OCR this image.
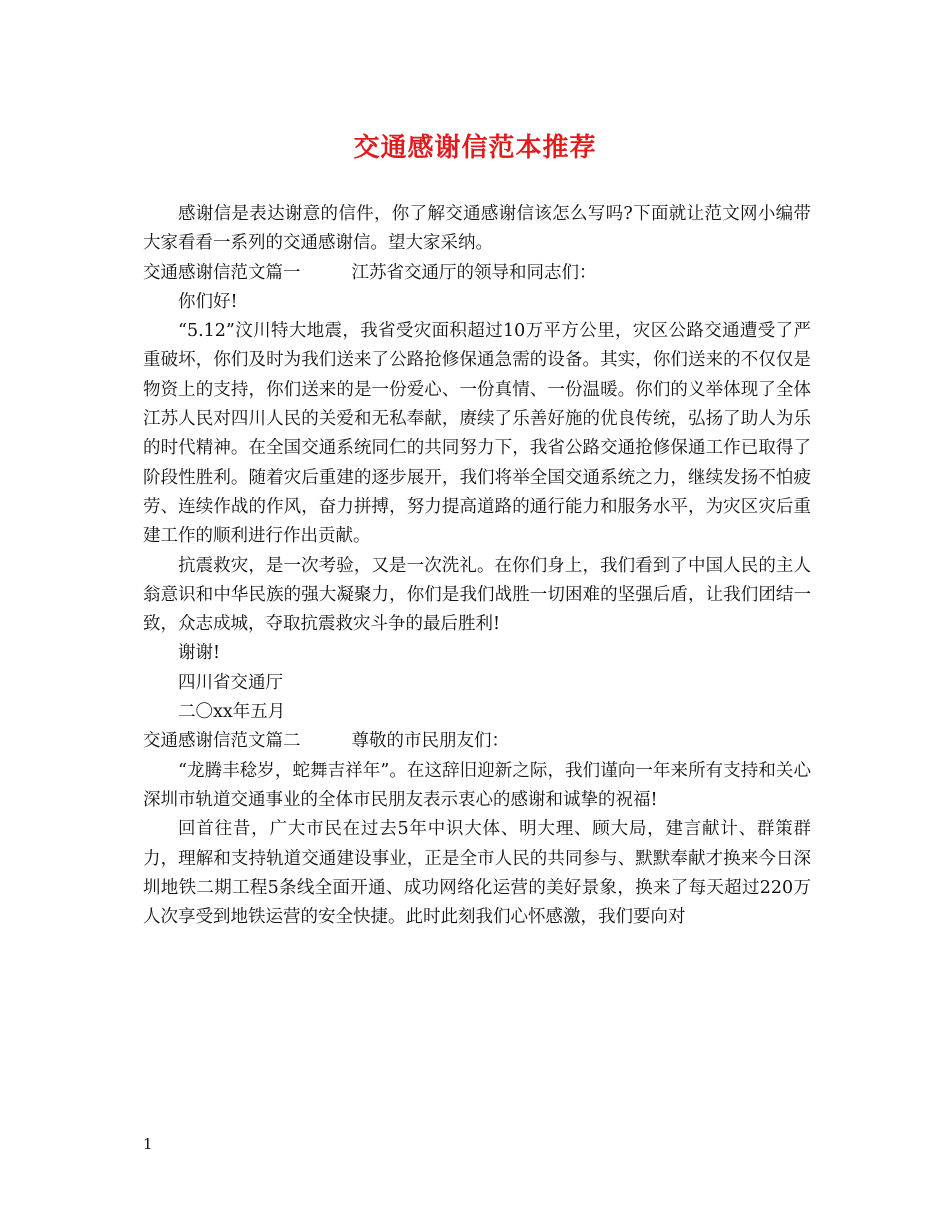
交通感谢信范本推荐

感谢信是表达谢意的信件，你了解交通感谢信该怎么写吗?下面就让范文网小编带大家看看一系列的交通感谢信。望大家采纳。

交通感谢信范文篇一	江苏省交通厅的领导和同志们：

你们好!

“5.12”汶川特大地震，我省受灾面积超过10万平方公里，灾区公路交通遭受了严重破坏，你们及时为我们送来了公路抢修保通急需的设备。其实，你们送来的不仅仅是物资上的支持，你们送来的是一份爱心、一份真情、一份温暖。你们的义举体现了全体江苏人民对四川人民的关爱和无私奉献，赓续了乐善好施的优良传统，弘扬了助人为乐的时代精神。在全国交通系统同仁的共同努力下，我省公路交通抢修保通工作已取得了阶段性胜利。随着灾后重建的逐步展开，我们将举全国交通系统之力，继续发扬不怕疲劳、连续作战的作风，奋力拼搏，努力提高道路的通行能力和服务水平，为灾区灾后重建工作的顺利进行作出贡献。

抗震救灾，是一次考验，又是一次洗礼。在你们身上，我们看到了中国人民的主人翁意识和中华民族的强大凝聚力，你们是我们战胜一切困难的坚强后盾，让我们团结一致，众志成城，夺取抗震救灾斗争的最后胜利!

谢谢!

四川省交通厅

二〇xx年五月

交通感谢信范文篇二	尊敬的市民朋友们：

“龙腾丰稔岁，蛇舞吉祥年”。在这辞旧迎新之际，我们谨向一年来所有支持和关心深圳市轨道交通事业的全体市民朋友表示衷心的感谢和诚挚的祝福!

回首往昔，广大市民在过去5年中识大体、明大理、顾大局，建言献计、群策群力，理解和支持轨道交通建设事业，正是全市人民的共同参与、默默奉献才换来今日深圳地铁二期工程5条线全面开通、成功网络化运营的美好景象，换来了每天超过220万人次享受到地铁运营的安全快捷。此时此刻我们心怀感激，我们要向对

1
